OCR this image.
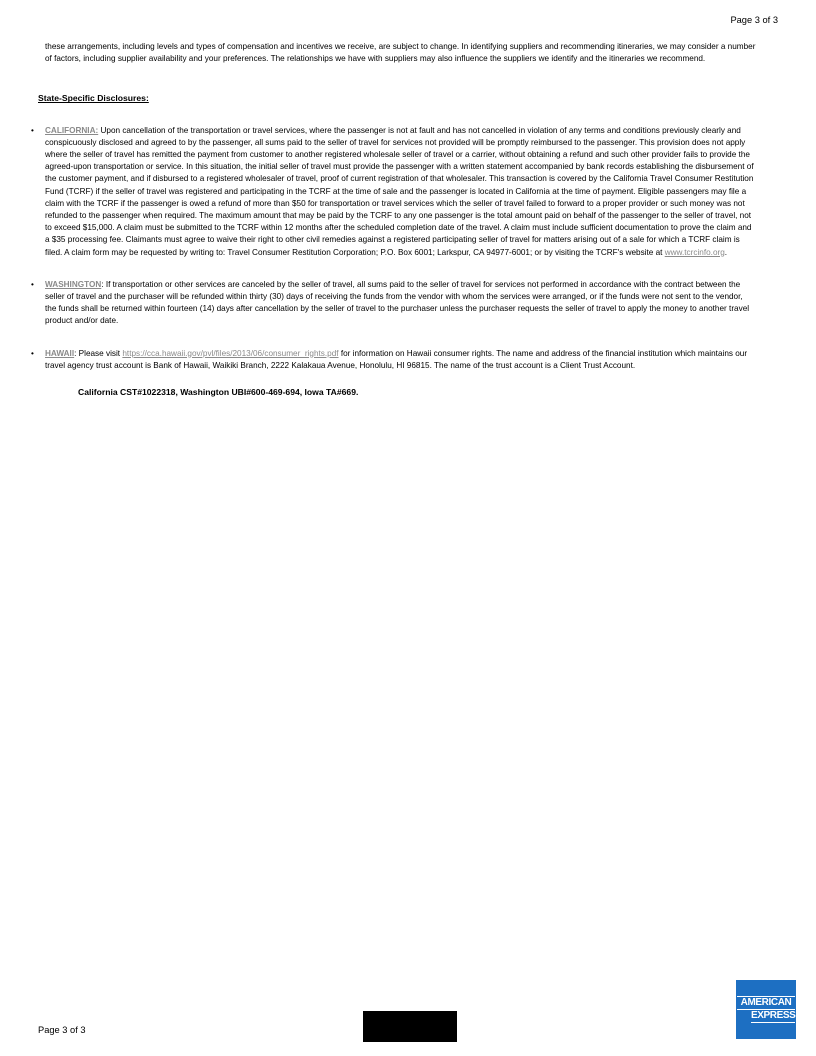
Page 3 of 3

these arrangements, including levels and types of compensation and incentives we receive, are subject to change. In identifying suppliers and recommending itineraries, we may consider a number of factors, including supplier availability and your preferences. The relationships we have with suppliers may also influence the suppliers we identify and the itineraries we recommend.

State-Specific Disclosures:

• CALIFORNIA: Upon cancellation of the transportation or travel services, where the passenger is not at fault and has not cancelled in violation of any terms and conditions previously clearly and conspicuously disclosed and agreed to by the passenger, all sums paid to the seller of travel for services not provided will be promptly reimbursed to the passenger. This provision does not apply where the seller of travel has remitted the payment from customer to another registered wholesale seller of travel or a carrier, without obtaining a refund and such other provider fails to provide the agreed-upon transportation or service. In this situation, the initial seller of travel must provide the passenger with a written statement accompanied by bank records establishing the disbursement of the customer payment, and if disbursed to a registered wholesaler of travel, proof of current registration of that wholesaler. This transaction is covered by the California Travel Consumer Restitution Fund (TCRF) if the seller of travel was registered and participating in the TCRF at the time of sale and the passenger is located in California at the time of payment. Eligible passengers may file a claim with the TCRF if the passenger is owed a refund of more than $50 for transportation or travel services which the seller of travel failed to forward to a proper provider or such money was not refunded to the passenger when required. The maximum amount that may be paid by the TCRF to any one passenger is the total amount paid on behalf of the passenger to the seller of travel, not to exceed $15,000. A claim must be submitted to the TCRF within 12 months after the scheduled completion date of the travel. A claim must include sufficient documentation to prove the claim and a $35 processing fee. Claimants must agree to waive their right to other civil remedies against a registered participating seller of travel for matters arising out of a sale for which a TCRF claim is filed. A claim form may be requested by writing to: Travel Consumer Restitution Corporation; P.O. Box 6001; Larkspur, CA 94977-6001; or by visiting the TCRF's website at www.tcrcinfo.org.
• WASHINGTON: If transportation or other services are canceled by the seller of travel, all sums paid to the seller of travel for services not performed in accordance with the contract between the seller of travel and the purchaser will be refunded within thirty (30) days of receiving the funds from the vendor with whom the services were arranged, or if the funds were not sent to the vendor, the funds shall be returned within fourteen (14) days after cancellation by the seller of travel to the purchaser unless the purchaser requests the seller of travel to apply the money to another travel product and/or date.
• HAWAII: Please visit https://cca.hawaii.gov/pvl/files/2013/06/consumer_rights.pdf for information on Hawaii consumer rights. The name and address of the financial institution which maintains our travel agency trust account is Bank of Hawaii, Waikiki Branch, 2222 Kalakaua Avenue, Honolulu, HI 96815. The name of the trust account is a Client Trust Account.

California CST#1022318, Washington UBI#600-469-694, Iowa TA#669.

Page 3 of 3
AMERICAN
EXPRESS
